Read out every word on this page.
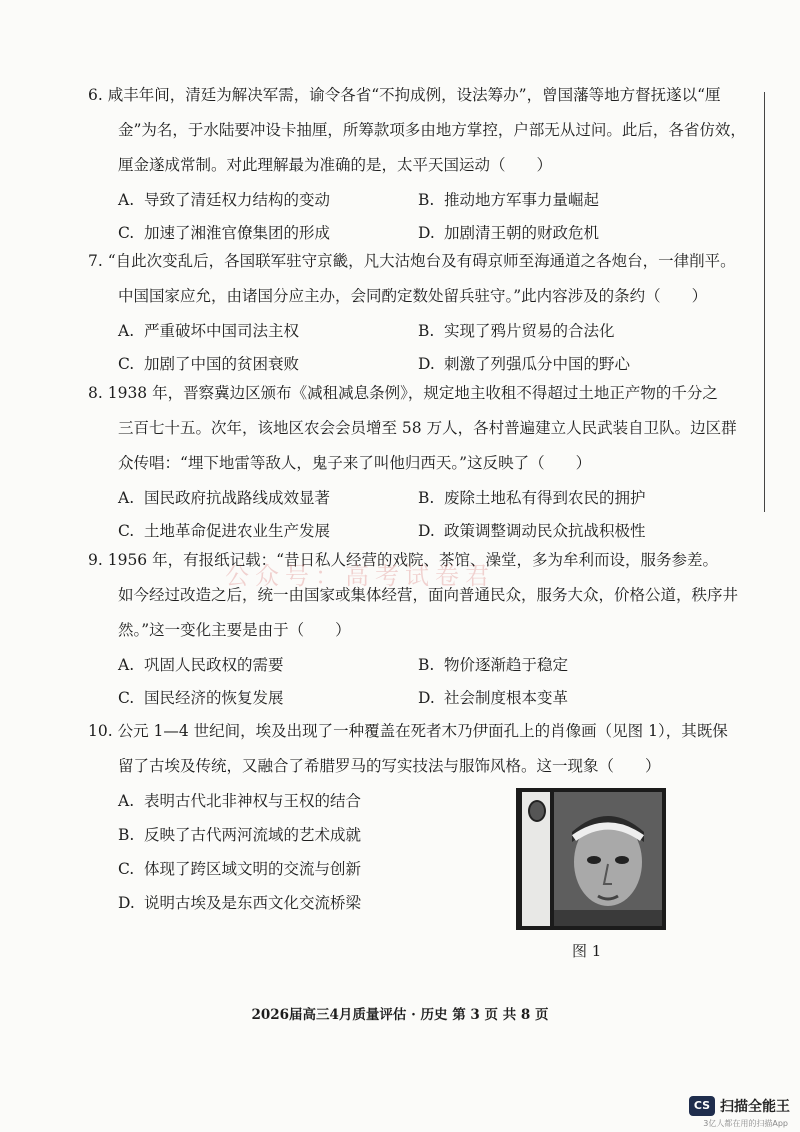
6. 咸丰年间，清廷为解决军需，谕令各省“不拘成例，设法筹办”，曾国藩等地方督抚遂以“厘

金”为名，于水陆要冲设卡抽厘，所筹款项多由地方掌控，户部无从过问。此后，各省仿效，

厘金遂成常制。对此理解最为准确的是，太平天国运动（　　）

A. 导致了清廷权力结构的变动	B. 推动地方军事力量崛起
C. 加速了湘淮官僚集团的形成	D. 加剧清王朝的财政危机

7. “自此次变乱后，各国联军驻守京畿，凡大沽炮台及有碍京师至海通道之各炮台，一律削平。

中国国家应允，由诸国分应主办，会同酌定数处留兵驻守。”此内容涉及的条约（　　）

A. 严重破坏中国司法主权	B. 实现了鸦片贸易的合法化
C. 加剧了中国的贫困衰败	D. 刺激了列强瓜分中国的野心

8. 1938 年，晋察冀边区颁布《减租减息条例》，规定地主收租不得超过土地正产物的千分之

三百七十五。次年，该地区农会会员增至 58 万人，各村普遍建立人民武装自卫队。边区群

众传唱：“埋下地雷等敌人，鬼子来了叫他归西天。”这反映了（　　）

A. 国民政府抗战路线成效显著	B. 废除土地私有得到农民的拥护
C. 土地革命促进农业生产发展	D. 政策调整调动民众抗战积极性

9. 1956 年，有报纸记载：“昔日私人经营的戏院、茶馆、澡堂，多为牟利而设，服务参差。

如今经过改造之后，统一由国家或集体经营，面向普通民众，服务大众，价格公道，秩序井

然。”这一变化主要是由于（　　）

A. 巩固人民政权的需要	B. 物价逐渐趋于稳定
C. 国民经济的恢复发展	D. 社会制度根本变革
公众号：高考试卷君

10. 公元 1—4 世纪间，埃及出现了一种覆盖在死者木乃伊面孔上的肖像画（见图 1），其既保

留了古埃及传统，又融合了希腊罗马的写实技法与服饰风格。这一现象（　　）

A. 表明古代北非神权与王权的结合
B. 反映了古代两河流域的艺术成就
C. 体现了跨区域文明的交流与创新
D. 说明古埃及是东西文化交流桥梁
图 1
2026届高三4月质量评估 · 历史 第 3 页 共 8 页
CS 扫描全能王
3亿人都在用的扫描App
